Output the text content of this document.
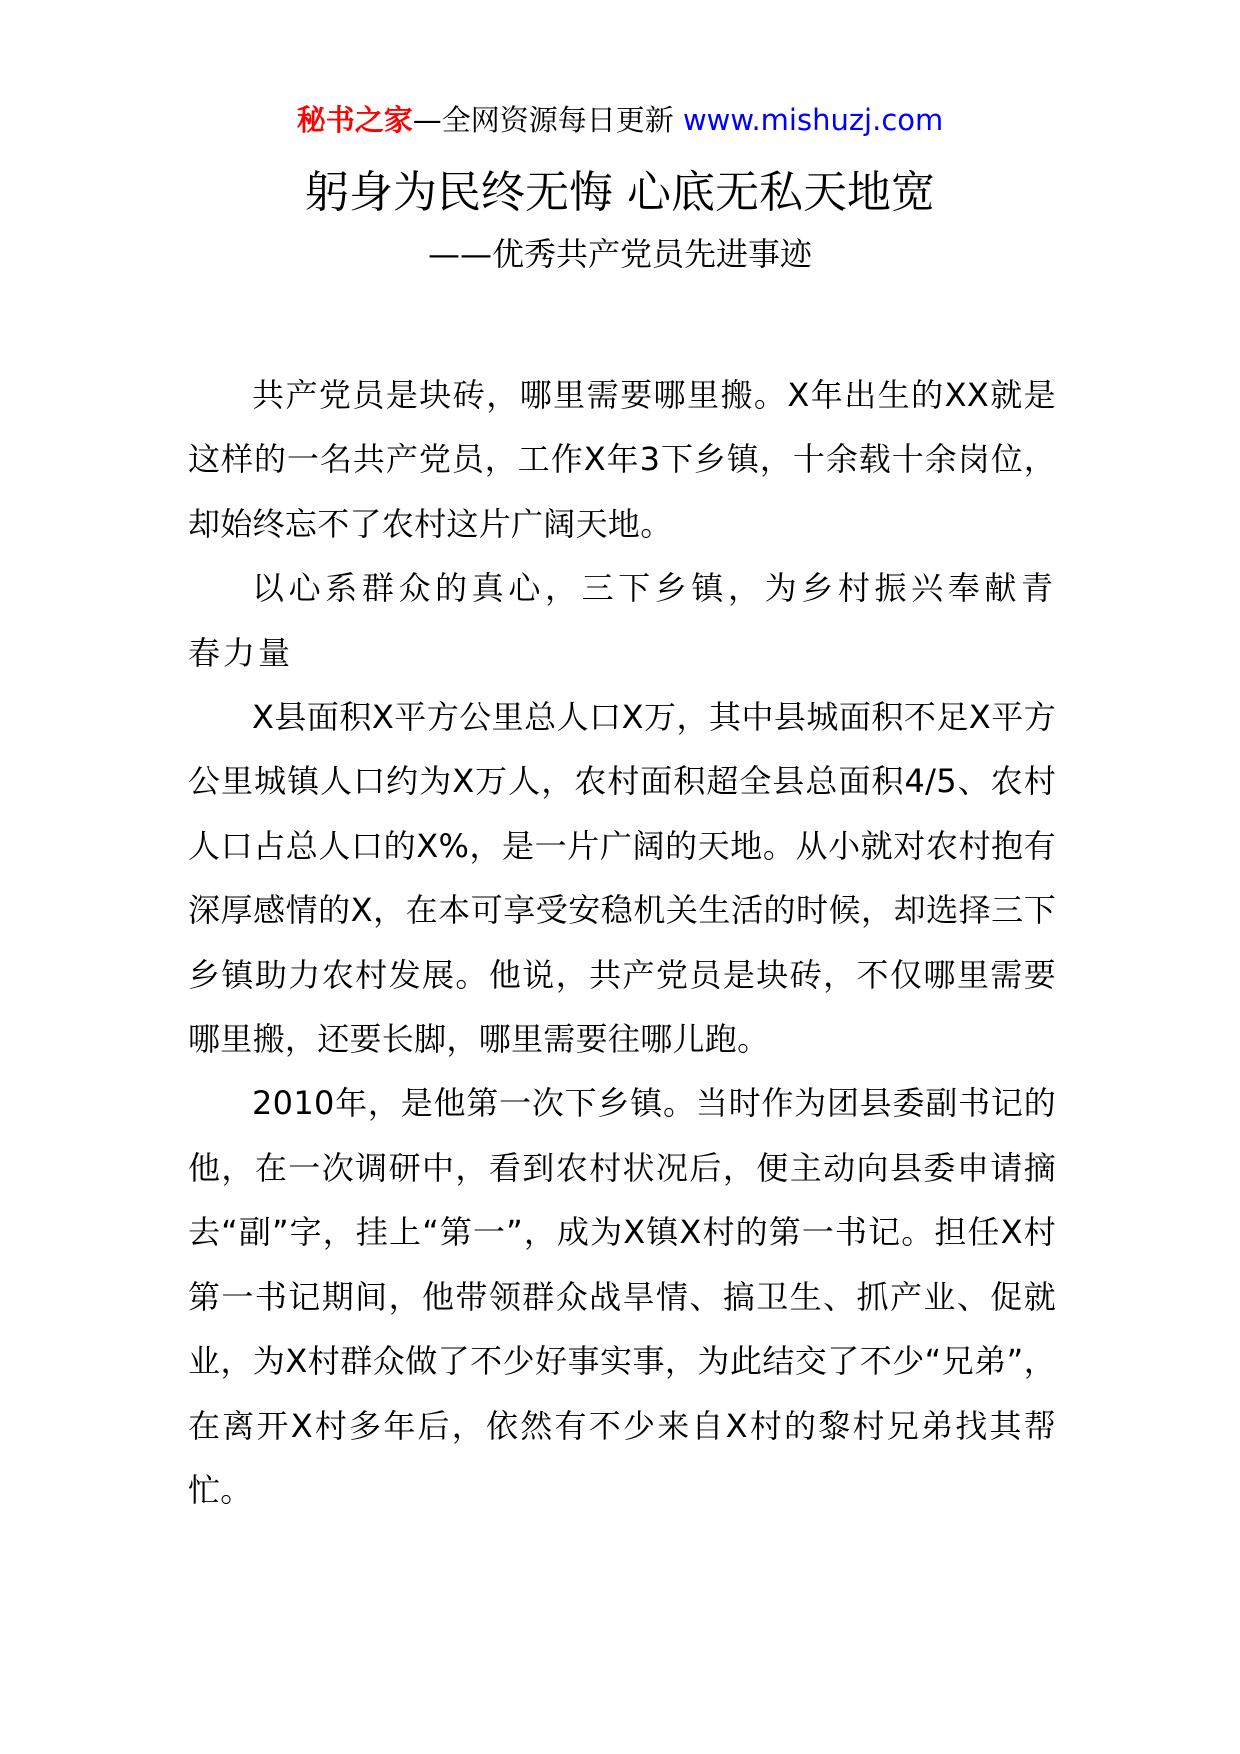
秘书之家—全网资源每日更新 www.mishuzj.com
躬身为民终无悔 心底无私天地宽
——优秀共产党员先进事迹

共产党员是块砖，哪里需要哪里搬。X年出生的XX就是这样的一名共产党员，工作X年3下乡镇，十余载十余岗位，却始终忘不了农村这片广阔天地。

以心系群众的真心，三下乡镇，为乡村振兴奉献青春力量

X县面积X平方公里总人口X万，其中县城面积不足X平方公里城镇人口约为X万人，农村面积超全县总面积4/5、农村人口占总人口的X%，是一片广阔的天地。从小就对农村抱有深厚感情的X，在本可享受安稳机关生活的时候，却选择三下乡镇助力农村发展。他说，共产党员是块砖，不仅哪里需要哪里搬，还要长脚，哪里需要往哪儿跑。

2010年，是他第一次下乡镇。当时作为团县委副书记的他，在一次调研中，看到农村状况后，便主动向县委申请摘去“副”字，挂上“第一”，成为X镇X村的第一书记。担任X村第一书记期间，他带领群众战旱情、搞卫生、抓产业、促就业，为X村群众做了不少好事实事，为此结交了不少“兄弟”，在离开X村多年后，依然有不少来自X村的黎村兄弟找其帮忙。
